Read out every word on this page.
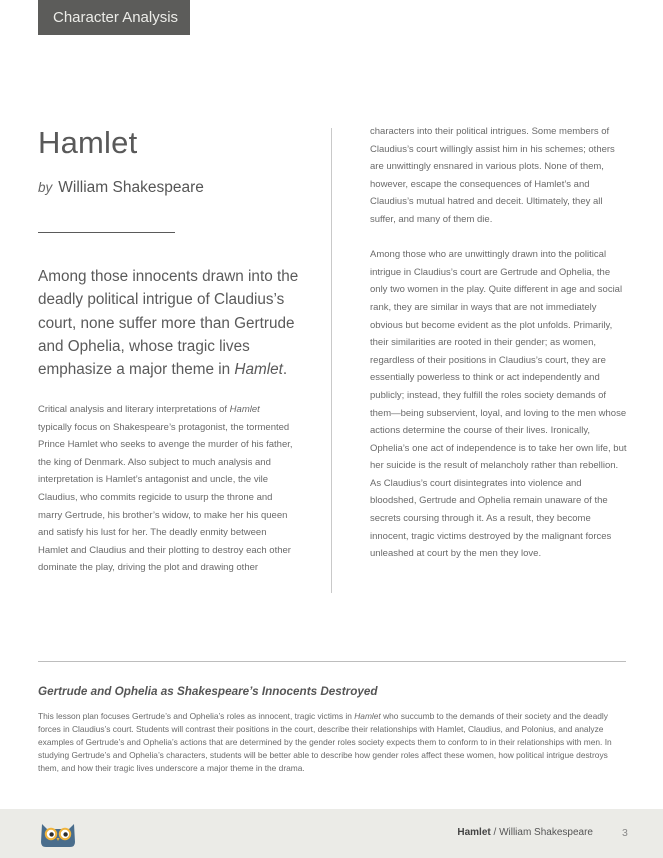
Character Analysis
Hamlet
by William Shakespeare

Among those innocents drawn into the deadly political intrigue of Claudius’s court, none suffer more than Gertrude and Ophelia, whose tragic lives emphasize a major theme in Hamlet.

Critical analysis and literary interpretations of Hamlet typically focus on Shakespeare’s protagonist, the tormented Prince Hamlet who seeks to avenge the murder of his father, the king of Denmark. Also subject to much analysis and interpretation is Hamlet’s antagonist and uncle, the vile Claudius, who commits regicide to usurp the throne and marry Gertrude, his brother’s widow, to make her his queen and satisfy his lust for her. The deadly enmity between Hamlet and Claudius and their plotting to destroy each other dominate the play, driving the plot and drawing other

characters into their political intrigues. Some members of Claudius’s court willingly assist him in his schemes; others are unwittingly ensnared in various plots. None of them, however, escape the consequences of Hamlet’s and Claudius’s mutual hatred and deceit. Ultimately, they all suffer, and many of them die.

Among those who are unwittingly drawn into the political intrigue in Claudius’s court are Gertrude and Ophelia, the only two women in the play. Quite different in age and social rank, they are similar in ways that are not immediately obvious but become evident as the plot unfolds. Primarily, their similarities are rooted in their gender; as women, regardless of their positions in Claudius’s court, they are essentially powerless to think or act independently and publicly; instead, they fulfill the roles society demands of them—being subservient, loyal, and loving to the men whose actions determine the course of their lives. Ironically, Ophelia’s one act of independence is to take her own life, but her suicide is the result of melancholy rather than rebellion. As Claudius’s court disintegrates into violence and bloodshed, Gertrude and Ophelia remain unaware of the secrets coursing through it. As a result, they become innocent, tragic victims destroyed by the malignant forces unleashed at court by the men they love.

Gertrude and Ophelia as Shakespeare’s Innocents Destroyed

This lesson plan focuses Gertrude’s and Ophelia’s roles as innocent, tragic victims in Hamlet who succumb to the demands of their society and the deadly forces in Claudius’s court. Students will contrast their positions in the court, describe their relationships with Hamlet, Claudius, and Polonius, and analyze examples of Gertrude’s and Ophelia’s actions that are determined by the gender roles society expects them to conform to in their relationships with men. In studying Gertrude’s and Ophelia’s characters, students will be better able to describe how gender roles affect these women, how political intrigue destroys them, and how their tragic lives underscore a major theme in the drama.

Hamlet / William Shakespeare	3
